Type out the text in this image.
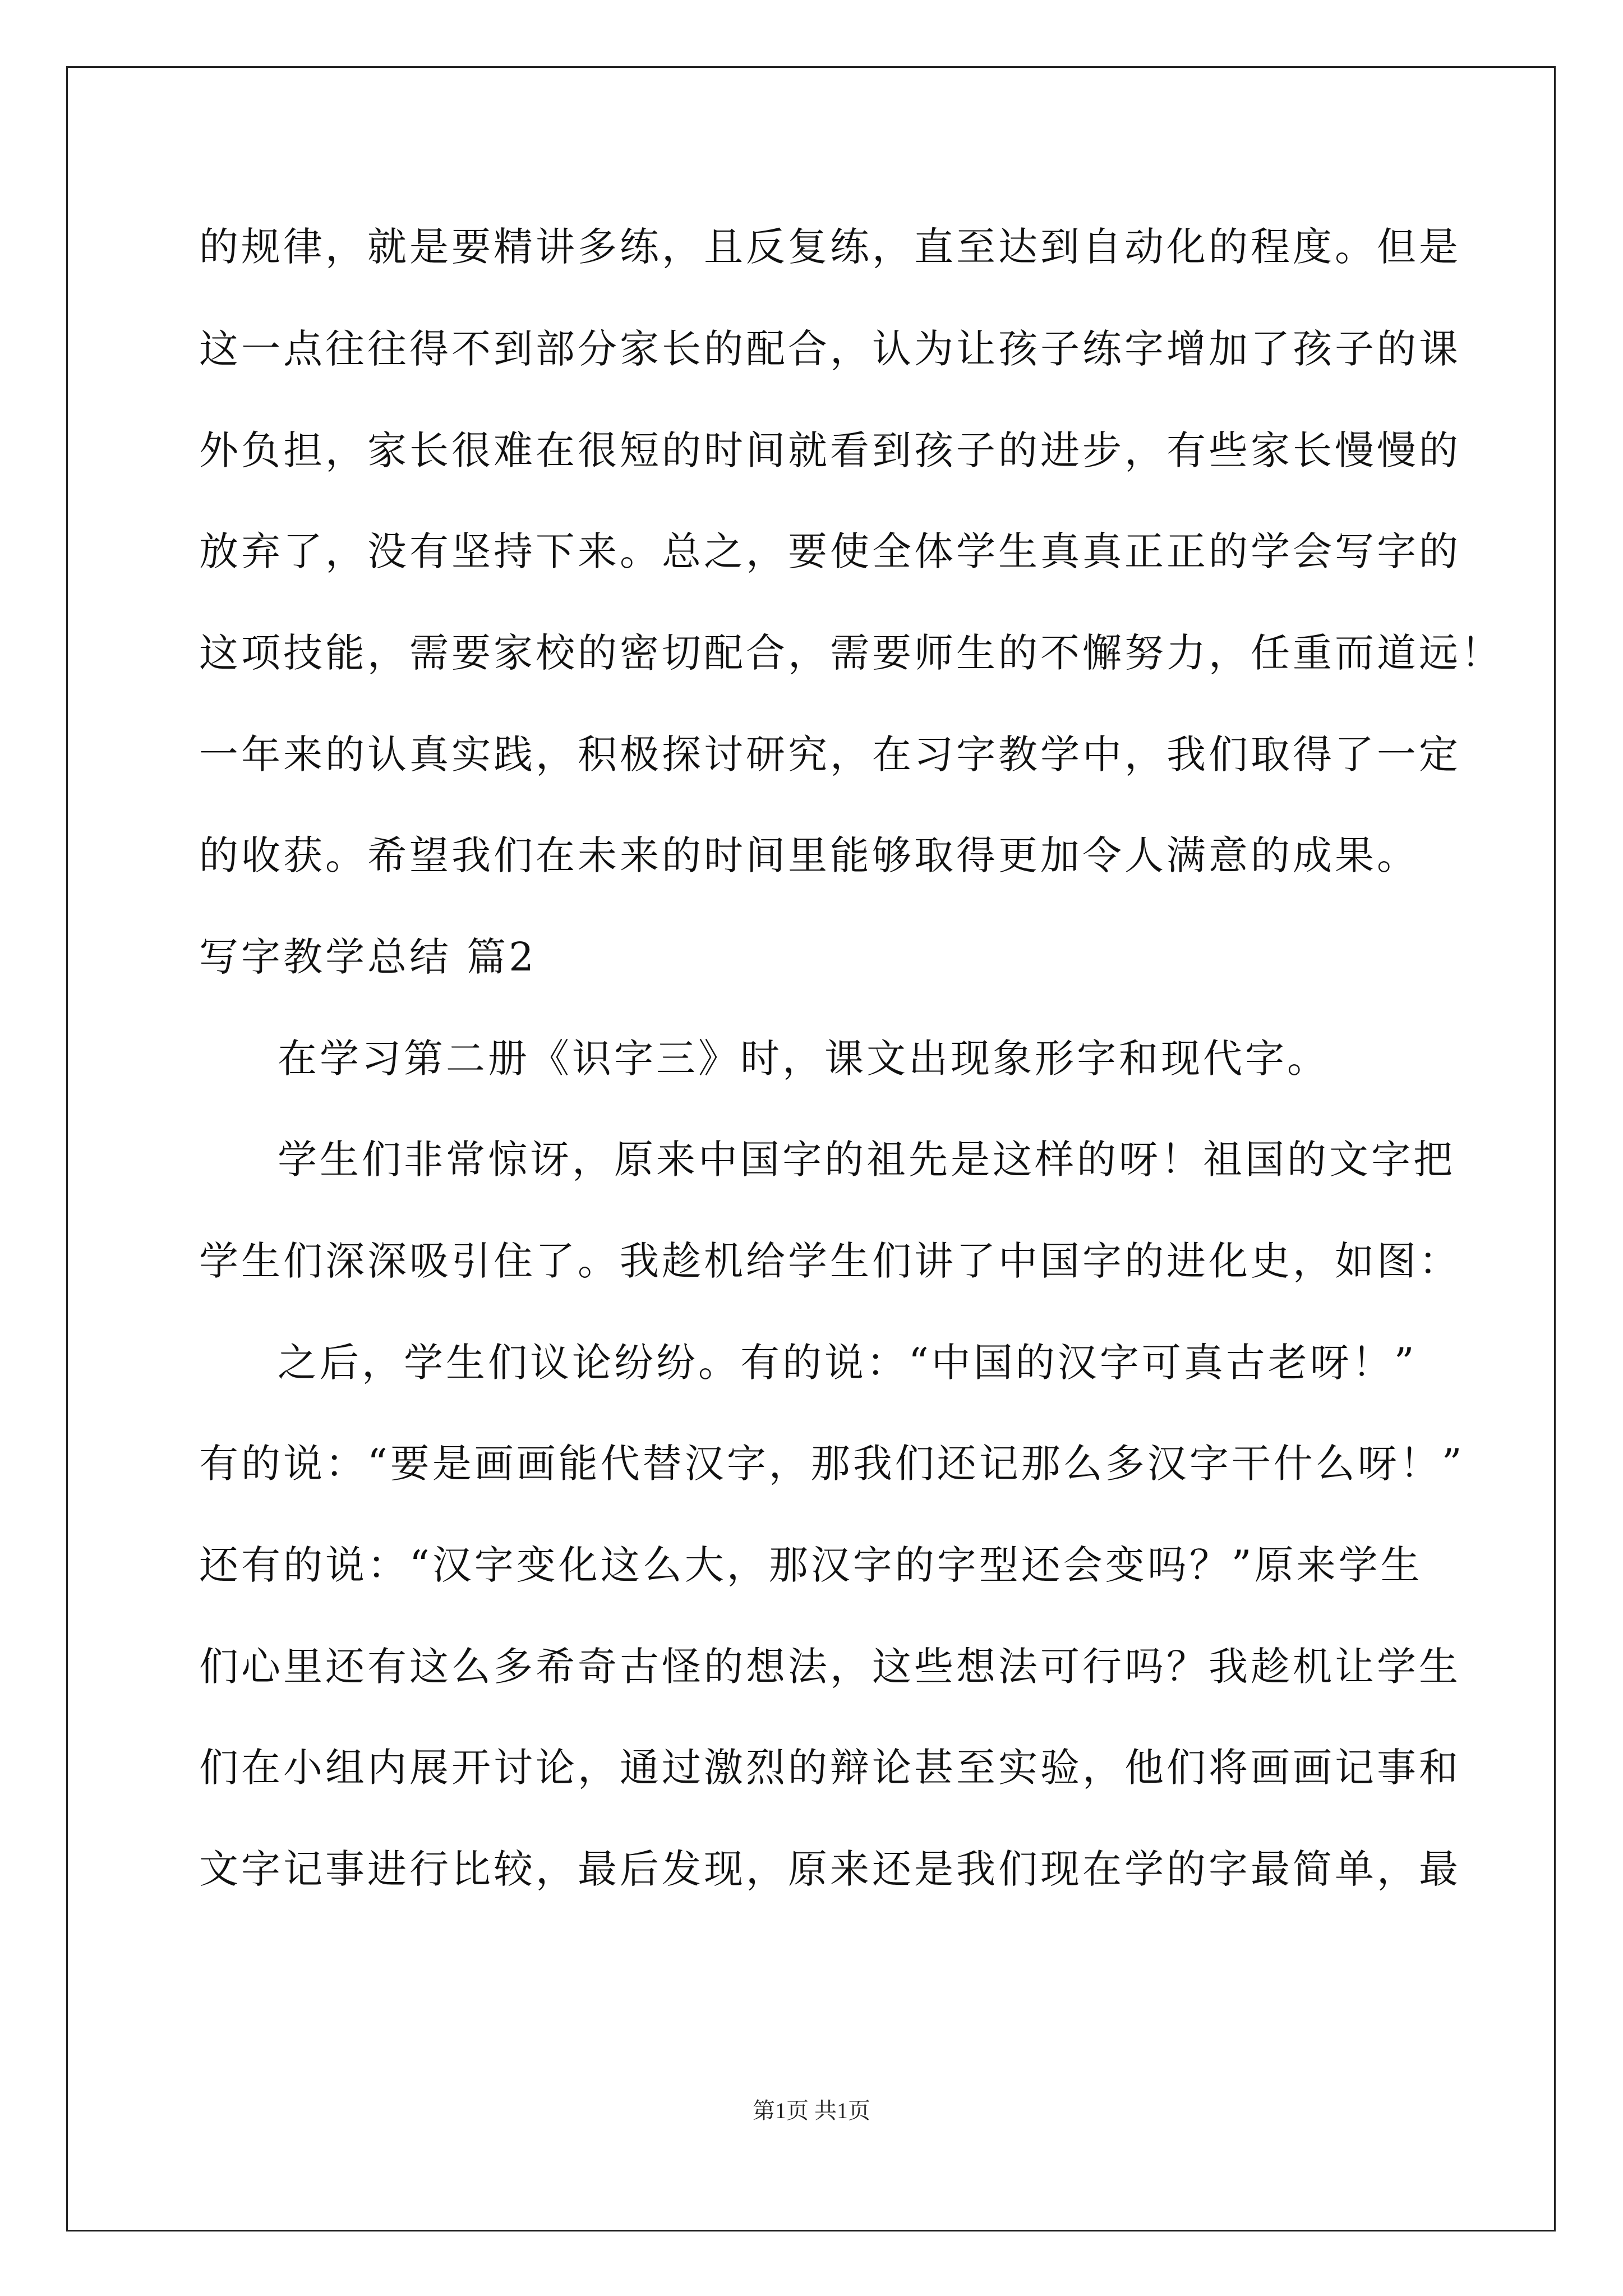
的规律，就是要精讲多练，且反复练，直至达到自动化的程度。但是
这一点往往得不到部分家长的配合，认为让孩子练字增加了孩子的课
外负担，家长很难在很短的时间就看到孩子的进步，有些家长慢慢的
放弃了，没有坚持下来。总之，要使全体学生真真正正的学会写字的
这项技能，需要家校的密切配合，需要师生的不懈努力，任重而道远！
一年来的认真实践，积极探讨研究，在习字教学中，我们取得了一定
的收获。希望我们在未来的时间里能够取得更加令人满意的成果。
写字教学总结 篇2
在学习第二册《识字三》时，课文出现象形字和现代字。
学生们非常惊讶，原来中国字的祖先是这样的呀！祖国的文字把
学生们深深吸引住了。我趁机给学生们讲了中国字的进化史，如图：
之后，学生们议论纷纷。有的说：“中国的汉字可真古老呀！”
有的说：“要是画画能代替汉字，那我们还记那么多汉字干什么呀！”
还有的说：“汉字变化这么大，那汉字的字型还会变吗？”原来学生
们心里还有这么多希奇古怪的想法，这些想法可行吗？我趁机让学生
们在小组内展开讨论，通过激烈的辩论甚至实验，他们将画画记事和
文字记事进行比较，最后发现，原来还是我们现在学的字最简单，最
第1页 共1页
